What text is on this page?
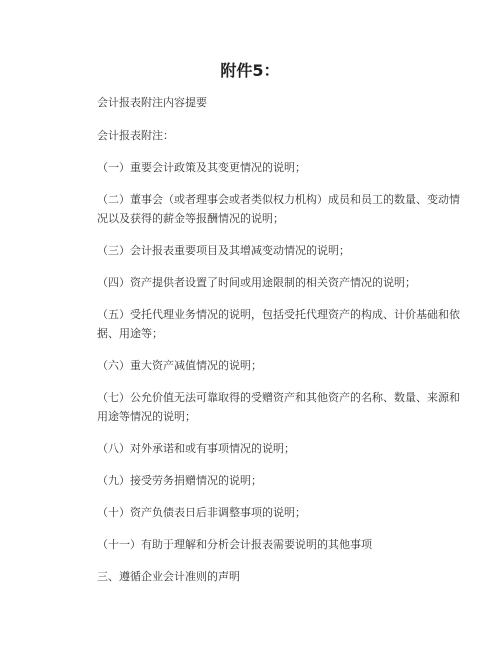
附件5：
会计报表附注内容提要
会计报表附注：
（一）重要会计政策及其变更情况的说明；
（二）董事会（或者理事会或者类似权力机构）成员和员工的数量、变动情
况以及获得的薪金等报酬情况的说明；
（三）会计报表重要项目及其增减变动情况的说明；
（四）资产提供者设置了时间或用途限制的相关资产情况的说明；
（五）受托代理业务情况的说明，包括受托代理资产的构成、计价基础和依
据、用途等；
（六）重大资产减值情况的说明；
（七）公允价值无法可靠取得的受赠资产和其他资产的名称、数量、来源和
用途等情况的说明；
（八）对外承诺和或有事项情况的说明；
（九）接受劳务捐赠情况的说明；
（十）资产负债表日后非调整事项的说明；
（十一）有助于理解和分析会计报表需要说明的其他事项
三、遵循企业会计准则的声明
